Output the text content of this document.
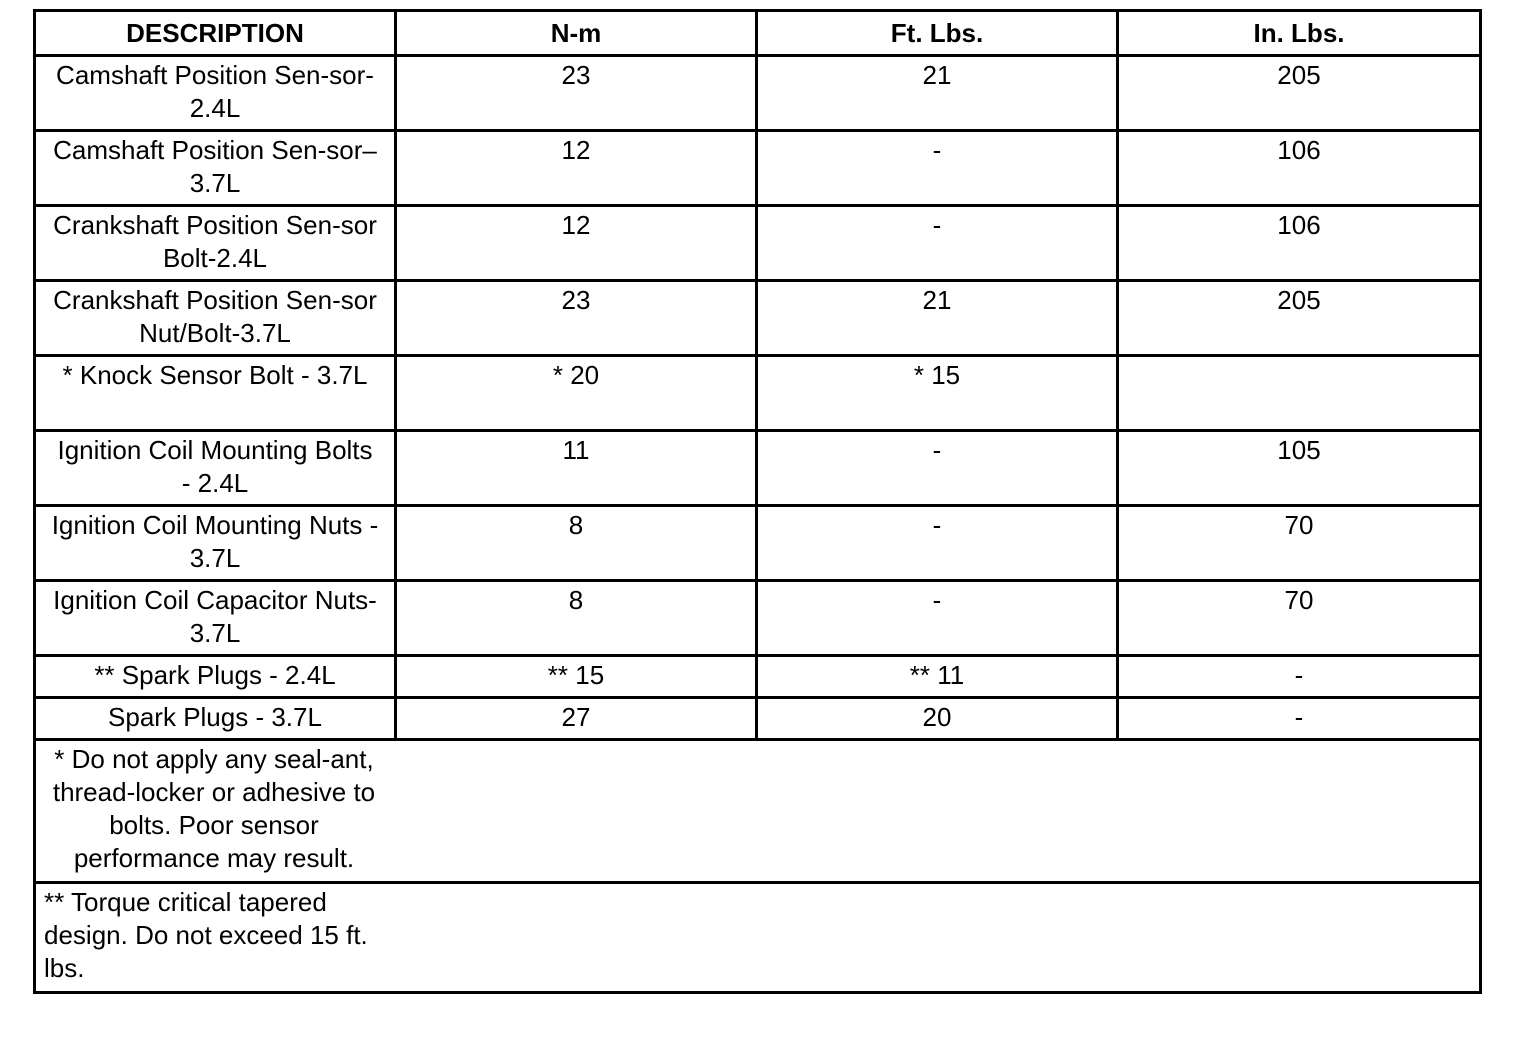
DESCRIPTION	N-m	Ft. Lbs.	In. Lbs.

Camshaft Position Sen-sor-2.4L	23	21	205

Camshaft Position Sen-sor–3.7L	12	-	106

Crankshaft Position Sen-sor Bolt-2.4L	12	-	106

Crankshaft Position Sen-sor Nut/Bolt-3.7L	23	21	205

* Knock Sensor Bolt - 3.7L	* 20	* 15	

Ignition Coil Mounting Bolts - 2.4L	11	-	105

Ignition Coil Mounting Nuts - 3.7L	8	-	70

Ignition Coil Capacitor Nuts- 3.7L	8	-	70
** Spark Plugs - 2.4L	** 15	** 11	-
Spark Plugs - 3.7L	27	20	-

* Do not apply any seal-ant, thread-locker or adhesive to bolts. Poor sensor performance may result.			

** Torque critical tapered design. Do not exceed 15 ft. lbs.			
